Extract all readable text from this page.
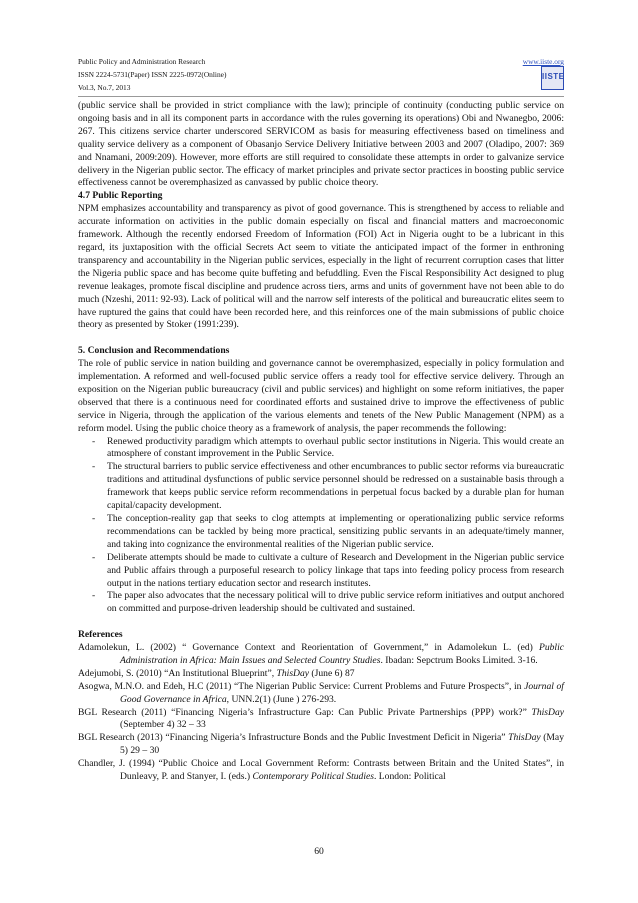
Public Policy and Administration Research
ISSN 2224-5731(Paper) ISSN 2225-0972(Online)
Vol.3, No.7, 2013
www.iiste.org
IISTE

(public service shall be provided in strict compliance with the law); principle of continuity (conducting public service on ongoing basis and in all its component parts in accordance with the rules governing its operations) Obi and Nwanegbo, 2006: 267. This citizens service charter underscored SERVICOM as basis for measuring effectiveness based on timeliness and quality service delivery as a component of Obasanjo Service Delivery Initiative between 2003 and 2007 (Oladipo, 2007: 369 and Nnamani, 2009:209). However, more efforts are still required to consolidate these attempts in order to galvanize service delivery in the Nigerian public sector. The efficacy of market principles and private sector practices in boosting public service effectiveness cannot be overemphasized as canvassed by public choice theory.

4.7 Public Reporting

NPM emphasizes accountability and transparency as pivot of good governance. This is strengthened by access to reliable and accurate information on activities in the public domain especially on fiscal and financial matters and macroeconomic framework. Although the recently endorsed Freedom of Information (FOI) Act in Nigeria ought to be a lubricant in this regard, its juxtaposition with the official Secrets Act seem to vitiate the anticipated impact of the former in enthroning transparency and accountability in the Nigerian public services, especially in the light of recurrent corruption cases that litter the Nigeria public space and has become quite buffeting and befuddling. Even the Fiscal Responsibility Act designed to plug revenue leakages, promote fiscal discipline and prudence across tiers, arms and units of government have not been able to do much (Nzeshi, 2011: 92-93). Lack of political will and the narrow self interests of the political and bureaucratic elites seem to have ruptured the gains that could have been recorded here, and this reinforces one of the main submissions of public choice theory as presented by Stoker (1991:239).

5. Conclusion and Recommendations

The role of public service in nation building and governance cannot be overemphasized, especially in policy formulation and implementation. A reformed and well-focused public service offers a ready tool for effective service delivery. Through an exposition on the Nigerian public bureaucracy (civil and public services) and highlight on some reform initiatives, the paper observed that there is a continuous need for coordinated efforts and sustained drive to improve the effectiveness of public service in Nigeria, through the application of the various elements and tenets of the New Public Management (NPM) as a reform model. Using the public choice theory as a framework of analysis, the paper recommends the following:

- Renewed productivity paradigm which attempts to overhaul public sector institutions in Nigeria. This would create an atmosphere of constant improvement in the Public Service.

- The structural barriers to public service effectiveness and other encumbrances to public sector reforms via bureaucratic traditions and attitudinal dysfunctions of public service personnel should be redressed on a sustainable basis through a framework that keeps public service reform recommendations in perpetual focus backed by a durable plan for human capital/capacity development.

- The conception-reality gap that seeks to clog attempts at implementing or operationalizing public service reforms recommendations can be tackled by being more practical, sensitizing public servants in an adequate/timely manner, and taking into cognizance the environmental realities of the Nigerian public service.

- Deliberate attempts should be made to cultivate a culture of Research and Development in the Nigerian public service and Public affairs through a purposeful research to policy linkage that taps into feeding policy process from research output in the nations tertiary education sector and research institutes.

- The paper also advocates that the necessary political will to drive public service reform initiatives and output anchored on committed and purpose-driven leadership should be cultivated and sustained.

References

Adamolekun, L. (2002) “ Governance Context and Reorientation of Government,” in Adamolekun L. (ed) Public Administration in Africa: Main Issues and Selected Country Studies. Ibadan: Sepctrum Books Limited. 3-16.

Adejumobi, S. (2010) “An Institutional Blueprint”, ThisDay (June 6) 87

Asogwa, M.N.O. and Edeh, H.C (2011) “The Nigerian Public Service: Current Problems and Future Prospects”, in Journal of Good Governance in Africa, UNN.2(1) (June ) 276-293.

BGL Research (2011) “Financing Nigeria’s Infrastructure Gap: Can Public Private Partnerships (PPP) work?” ThisDay (September 4) 32 – 33

BGL Research (2013) “Financing Nigeria’s Infrastructure Bonds and the Public Investment Deficit in Nigeria” ThisDay (May 5) 29 – 30

Chandler, J. (1994) “Public Choice and Local Government Reform: Contrasts between Britain and the United States”, in Dunleavy, P. and Stanyer, I. (eds.) Contemporary Political Studies. London: Political

60
